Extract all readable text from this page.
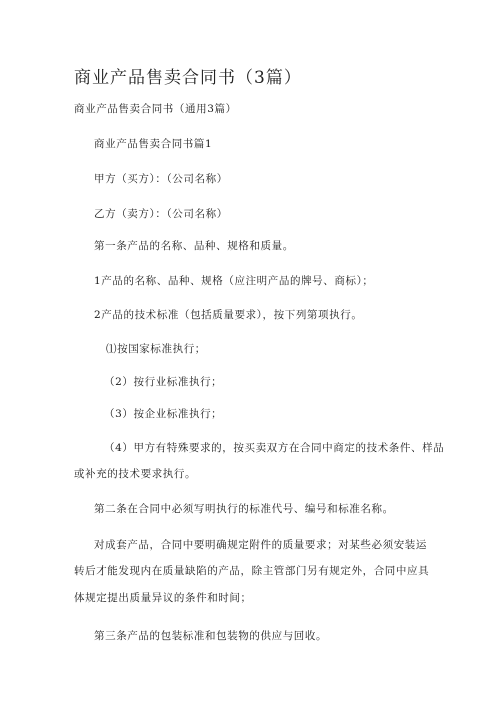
商业产品售卖合同书（3篇）
商业产品售卖合同书（通用3篇）
商业产品售卖合同书篇1
甲方（买方）：（公司名称）
乙方（卖方）：（公司名称）
第一条产品的名称、品种、规格和质量。
1产品的名称、品种、规格（应注明产品的牌号、商标）；
2产品的技术标准（包括质量要求），按下列第项执行。
⑴按国家标准执行；
（2）按行业标准执行；
（3）按企业标准执行；
（4）甲方有特殊要求的，按买卖双方在合同中商定的技术条件、样品
或补充的技术要求执行。
第二条在合同中必须写明执行的标准代号、编号和标准名称。
对成套产品，合同中要明确规定附件的质量要求；对某些必须安装运
转后才能发现内在质量缺陷的产品，除主管部门另有规定外，合同中应具
体规定提出质量异议的条件和时间；
第三条产品的包装标准和包装物的供应与回收。
